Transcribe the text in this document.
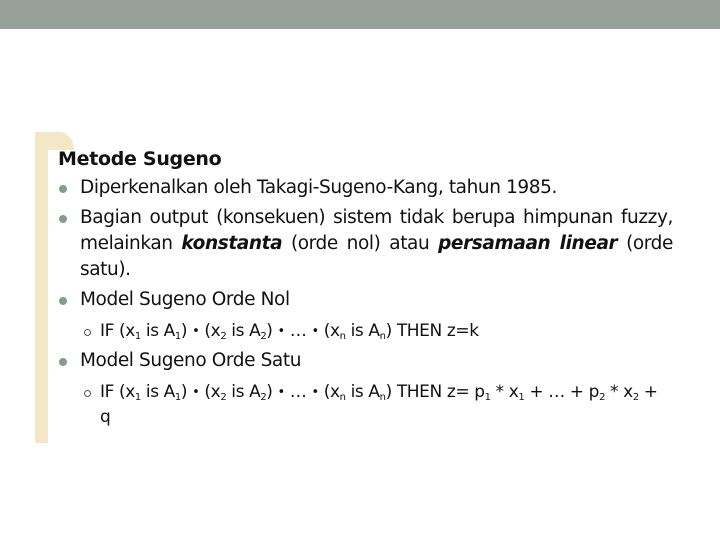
Metode Sugeno
Diperkenalkan oleh Takagi-Sugeno-Kang, tahun 1985.
Bagian output (konsekuen) sistem tidak berupa himpunan fuzzy, melainkan konstanta (orde nol) atau persamaan linear (orde satu).
Model Sugeno Orde Nol
IF ($x_1$ is $A_1$) • ($x_2$ is $A_2$) • … • ($x_n$ is $A_n$) THEN z=k
Model Sugeno Orde Satu
IF ($x_1$ is $A_1$) • ($x_2$ is $A_2$) • … • ($x_n$ is $A_n$) THEN $z= p_1 * x_1$ + … + $p_2 * x_2 + q$
